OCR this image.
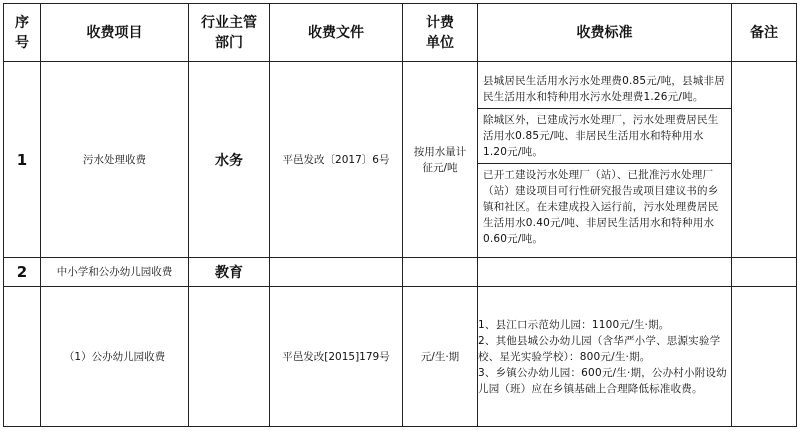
序号	收费项目	行业主管部门	收费文件	计费单位	收费标准	备注
1	污水处理收费	水务	平邑发改〔2017〕6号	按用水量计征元/吨	县城居民生活用水污水处理费0.85元/吨，县城非居民生活用水和特种用水污水处理费1.26元/吨。
除城区外，已建成污水处理厂，污水处理费居民生活用水0.85元/吨、非居民生活用水和特种用水1.20元/吨。
已开工建设污水处理厂（站）、已批准污水处理厂（站）建设项目可行性研究报告或项目建议书的乡镇和社区。在未建成投入运行前，污水处理费居民生活用水0.40元/吨、非居民生活用水和特种用水0.60元/吨。	

2	中小学和公办幼儿园收费	教育				
	（1）公办幼儿园收费		平邑发改[2015]179号	元/生·期	1、县江口示范幼儿园：1100元/生·期。
2、其他县城公办幼儿园（含华严小学、思源实验学校、星光实验学校）：800元/生·期。
3、乡镇公办幼儿园：600元/生·期，公办村小附设幼儿园（班）应在乡镇基础上合理降低标准收费。	
